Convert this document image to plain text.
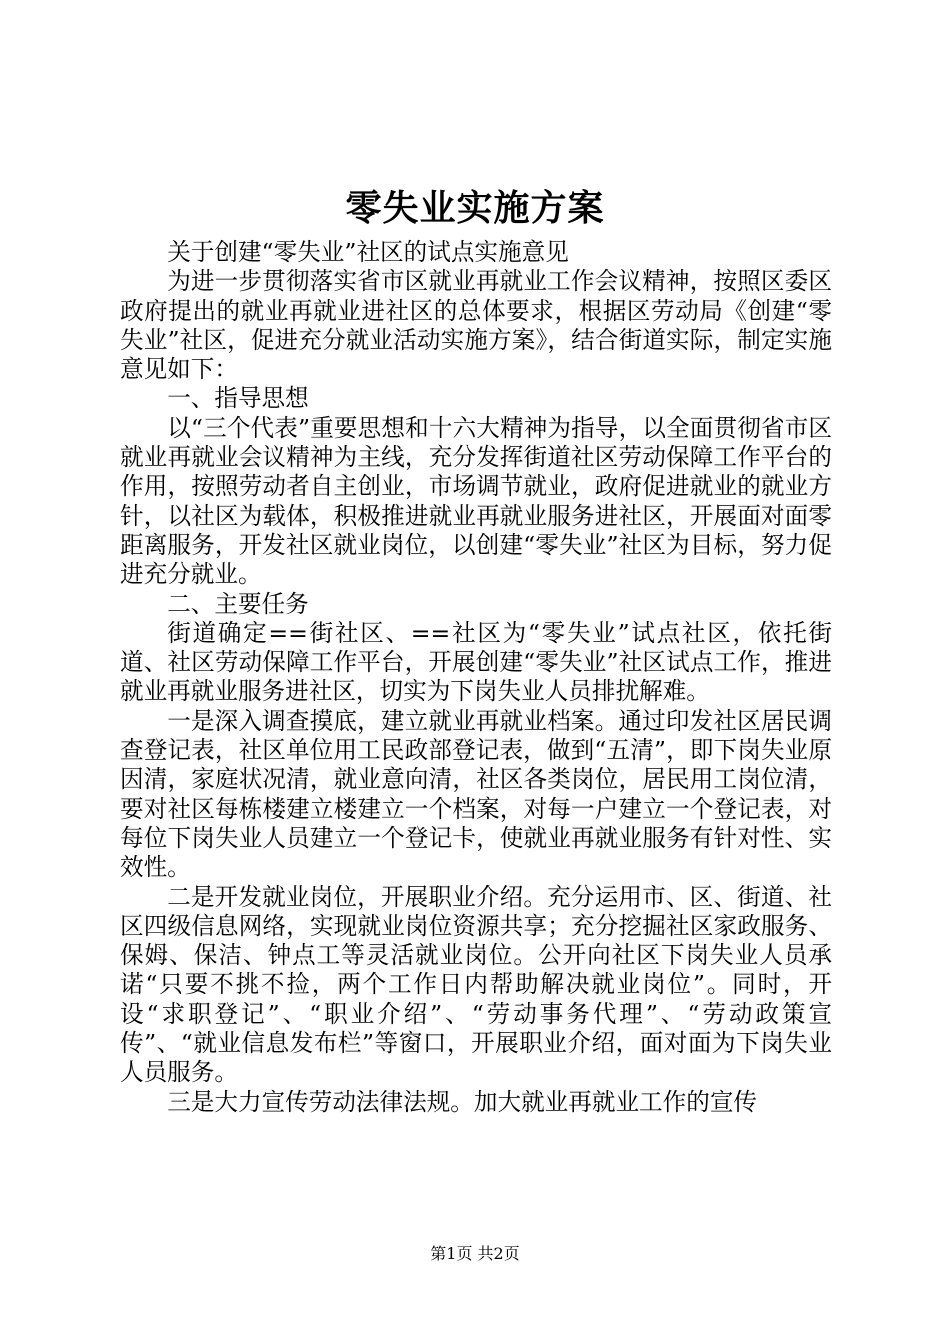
零失业实施方案

关于创建“零失业”社区的试点实施意见

为进一步贯彻落实省市区就业再就业工作会议精神，按照区委区政府提出的就业再就业进社区的总体要求，根据区劳动局《创建“零失业”社区，促进充分就业活动实施方案》，结合街道实际，制定实施意见如下：

一、指导思想

以“三个代表”重要思想和十六大精神为指导，以全面贯彻省市区就业再就业会议精神为主线，充分发挥街道社区劳动保障工作平台的作用，按照劳动者自主创业，市场调节就业，政府促进就业的就业方针，以社区为载体，积极推进就业再就业服务进社区，开展面对面零距离服务，开发社区就业岗位，以创建“零失业”社区为目标，努力促进充分就业。

二、主要任务

街道确定==街社区、==社区为“零失业”试点社区，依托街道、社区劳动保障工作平台，开展创建“零失业”社区试点工作，推进就业再就业服务进社区，切实为下岗失业人员排扰解难。

一是深入调查摸底，建立就业再就业档案。通过印发社区居民调查登记表，社区单位用工民政部登记表，做到“五清”，即下岗失业原因清，家庭状况清，就业意向清，社区各类岗位，居民用工岗位清，要对社区每栋楼建立楼建立一个档案，对每一户建立一个登记表，对每位下岗失业人员建立一个登记卡，使就业再就业服务有针对性、实效性。

二是开发就业岗位，开展职业介绍。充分运用市、区、街道、社区四级信息网络，实现就业岗位资源共享；充分挖掘社区家政服务、保姆、保洁、钟点工等灵活就业岗位。公开向社区下岗失业人员承诺“只要不挑不捡，两个工作日内帮助解决就业岗位”。同时，开设“求职登记”、“职业介绍”、“劳动事务代理”、“劳动政策宣传”、“就业信息发布栏”等窗口，开展职业介绍，面对面为下岗失业人员服务。

三是大力宣传劳动法律法规。加大就业再就业工作的宣传

第1页 共2页
